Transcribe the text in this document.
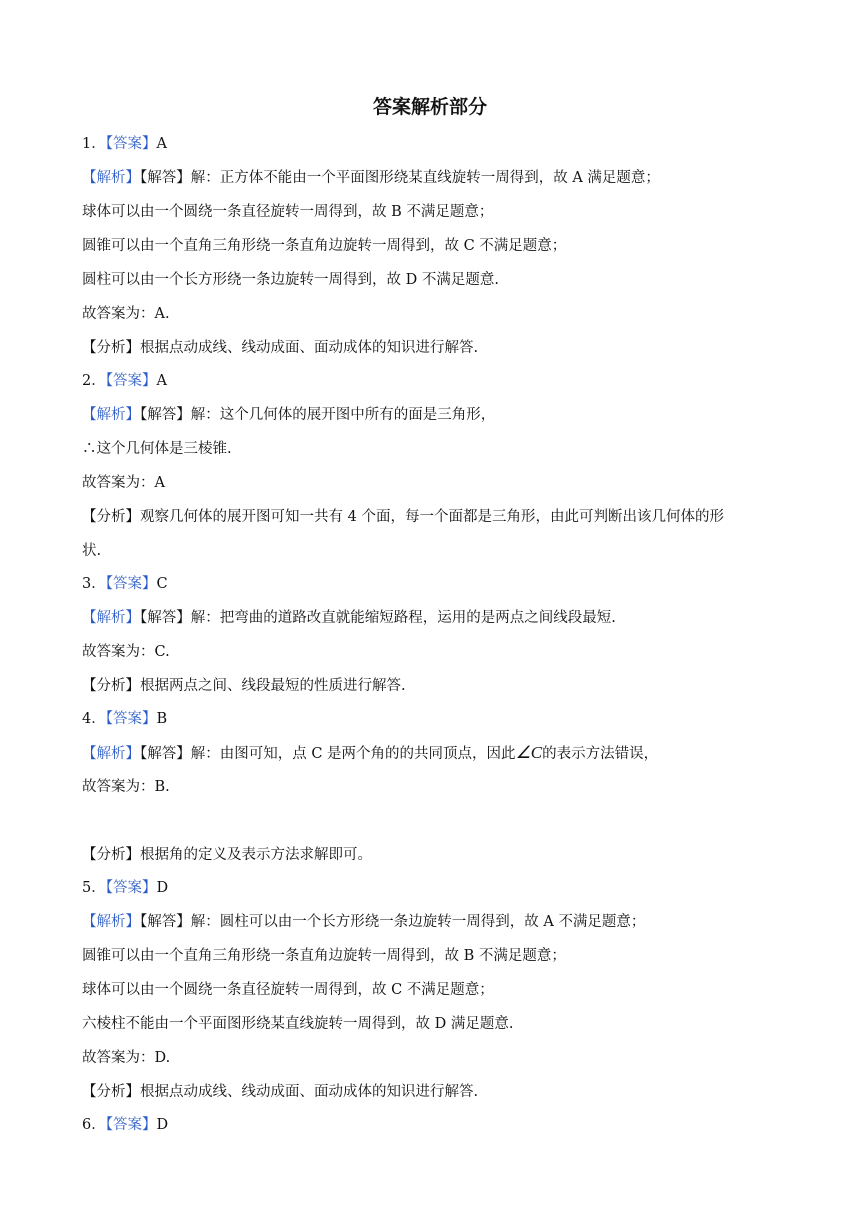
答案解析部分
1．【答案】A
【解析】【解答】解：正方体不能由一个平面图形绕某直线旋转一周得到，故 A 满足题意；
球体可以由一个圆绕一条直径旋转一周得到，故 B 不满足题意；
圆锥可以由一个直角三角形绕一条直角边旋转一周得到，故 C 不满足题意；
圆柱可以由一个长方形绕一条边旋转一周得到，故 D 不满足题意.
故答案为：A.
【分析】根据点动成线、线动成面、面动成体的知识进行解答.
2．【答案】A
【解析】【解答】解：这个几何体的展开图中所有的面是三角形，
∴这个几何体是三棱锥.
故答案为：A
【分析】观察几何体的展开图可知一共有 4 个面，每一个面都是三角形，由此可判断出该几何体的形
状.
3．【答案】C
【解析】【解答】解：把弯曲的道路改直就能缩短路程，运用的是两点之间线段最短.
故答案为：C.
【分析】根据两点之间、线段最短的性质进行解答.
4．【答案】B
【解析】【解答】解：由图可知，点 C 是两个角的的共同顶点，因此∠C的表示方法错误，
故答案为：B.
【分析】根据角的定义及表示方法求解即可。
5．【答案】D
【解析】【解答】解：圆柱可以由一个长方形绕一条边旋转一周得到，故 A 不满足题意；
圆锥可以由一个直角三角形绕一条直角边旋转一周得到，故 B 不满足题意；
球体可以由一个圆绕一条直径旋转一周得到，故 C 不满足题意；
六棱柱不能由一个平面图形绕某直线旋转一周得到，故 D 满足题意.
故答案为：D.
【分析】根据点动成线、线动成面、面动成体的知识进行解答.
6．【答案】D
